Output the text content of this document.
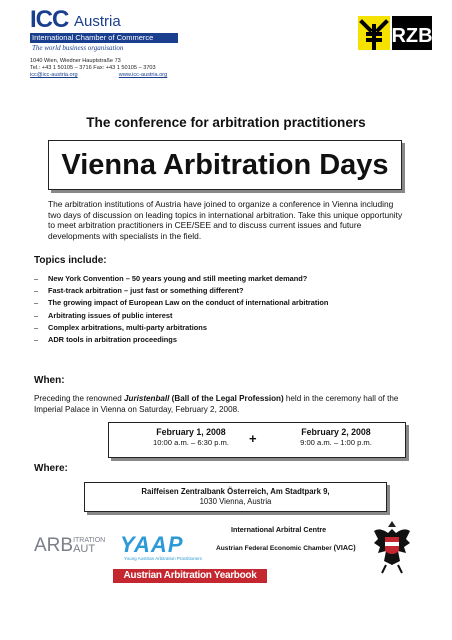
ICC Austria
International Chamber of Commerce
The world business organisation
1040 Wien, Wiedner Hauptstraße 73
Tel.: +43 1 50105 – 3716 Fax: +43 1 50105 – 3703
icc@icc-austria.org	www.icc-austria.org
RZB
The conference for arbitration practitioners
Vienna Arbitration Days
The arbitration institutions of Austria have joined to organize a conference in Vienna including two days of discussion on leading topics in international arbitration. Take this unique opportunity to meet arbitration practitioners in CEE/SEE and to discuss current issues and future developments with specialists in the field.
Topics include:
– New York Convention – 50 years young and still meeting market demand?
– Fast-track arbitration – just fast or something different?
– The growing impact of European Law on the conduct of international arbitration
– Arbitrating issues of public interest
– Complex arbitrations, multi-party arbitrations
– ADR tools in arbitration proceedings
When:
Preceding the renowned Juristenball (Ball of the Legal Profession) held in the ceremony hall of the Imperial Palace in Vienna on Saturday, February 2, 2008.
February 1, 2008
10:00 a.m. – 6:30 p.m.	+	February 2, 2008
9:00 a.m. – 1:00 p.m.
Where:
Raiffeisen Zentralbank Österreich, Am Stadtpark 9,
1030 Vienna, Austria
ARBITRATION
AUT	YAAP
Young Austrian Arbitration Practitioners
International Arbitral Centre
Austrian Federal Economic Chamber (VIAC)
Austrian Arbitration Yearbook
